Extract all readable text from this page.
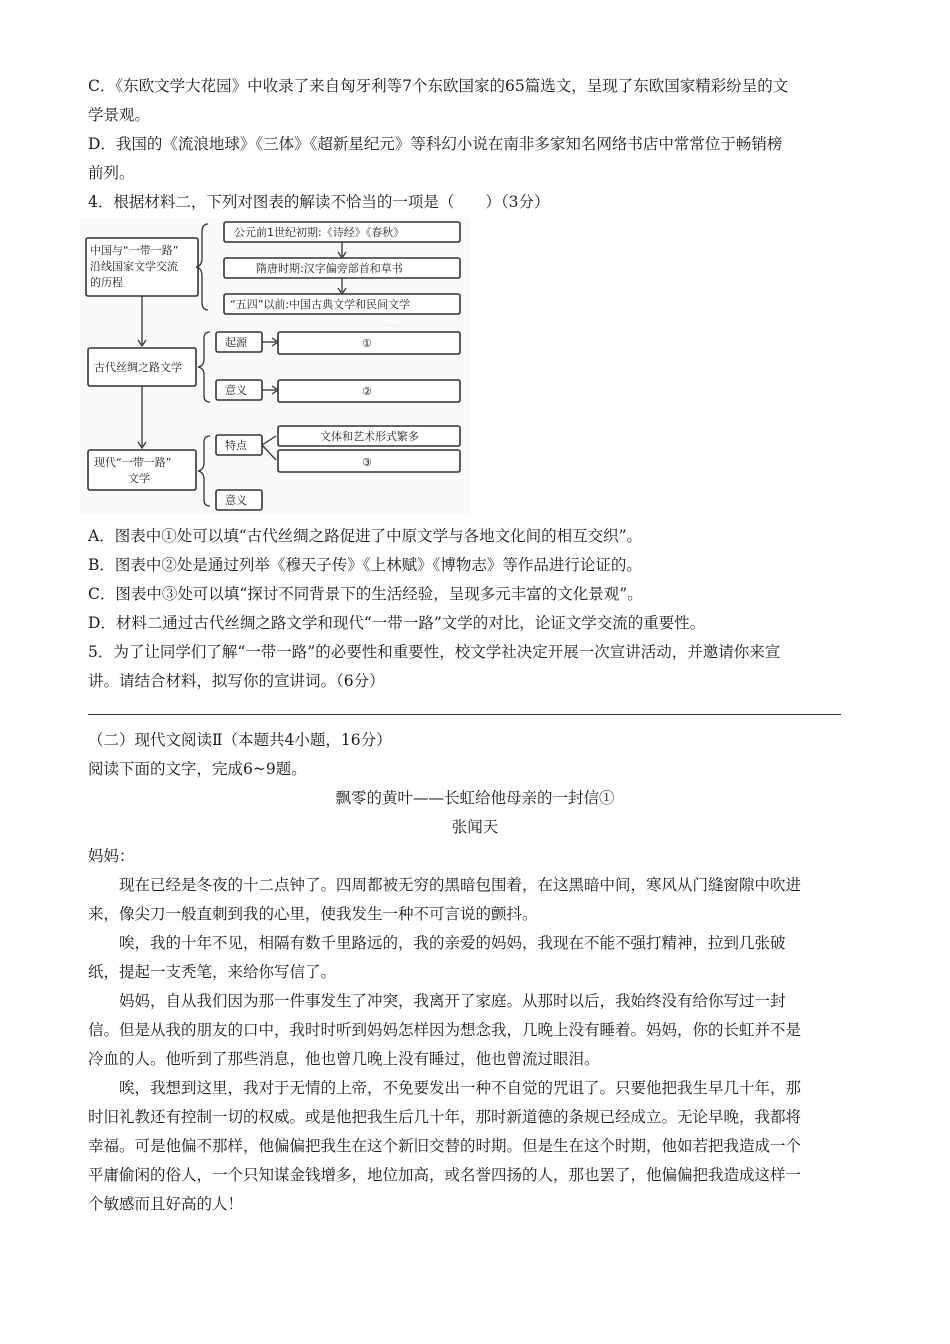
C．《东欧文学大花园》中收录了来自匈牙利等7个东欧国家的65篇选文，呈现了东欧国家精彩纷呈的文
学景观。
D．我国的《流浪地球》《三体》《超新星纪元》等科幻小说在南非多家知名网络书店中常常位于畅销榜
前列。
4．根据材料二，下列对图表的解读不恰当的一项是（　　）（3分）
……
中国与“一带一路”
沿线国家文学交流
的历程
公元前1世纪初期:《诗经》《春秋》
隋唐时期:汉字偏旁部首和草书
“五四”以前:中国古典文学和民间文学
古代丝绸之路文学
起源	①
意义	②
现代“一带一路”
文学
特点
文体和艺术形式繁多
③
意义
A．图表中①处可以填“古代丝绸之路促进了中原文学与各地文化间的相互交织”。
B．图表中②处是通过列举《穆天子传》《上林赋》《博物志》等作品进行论证的。
C．图表中③处可以填“探讨不同背景下的生活经验，呈现多元丰富的文化景观”。
D．材料二通过古代丝绸之路文学和现代“一带一路”文学的对比，论证文学交流的重要性。
5．为了让同学们了解“一带一路”的必要性和重要性，校文学社决定开展一次宣讲活动，并邀请你来宣
讲。请结合材料，拟写你的宣讲词。（6分）
（二）现代文阅读Ⅱ（本题共4小题，16分）
阅读下面的文字，完成6~9题。
飘零的黄叶——长虹给他母亲的一封信①
张闻天
妈妈：
现在已经是冬夜的十二点钟了。四周都被无穷的黑暗包围着，在这黑暗中间，寒风从门缝窗隙中吹进
来，像尖刀一般直刺到我的心里，使我发生一种不可言说的颤抖。
唉，我的十年不见，相隔有数千里路远的，我的亲爱的妈妈，我现在不能不强打精神，拉到几张破
纸，提起一支秃笔，来给你写信了。
妈妈，自从我们因为那一件事发生了冲突，我离开了家庭。从那时以后，我始终没有给你写过一封
信。但是从我的朋友的口中，我时时听到妈妈怎样因为想念我，几晚上没有睡着。妈妈，你的长虹并不是
冷血的人。他听到了那些消息，他也曾几晚上没有睡过，他也曾流过眼泪。
唉，我想到这里，我对于无情的上帝，不免要发出一种不自觉的咒诅了。只要他把我生早几十年，那
时旧礼教还有控制一切的权威。或是他把我生后几十年，那时新道德的条规已经成立。无论早晚，我都将
幸福。可是他偏不那样，他偏偏把我生在这个新旧交替的时期。但是生在这个时期，他如若把我造成一个
平庸偷闲的俗人，一个只知谋金钱增多，地位加高，或名誉四扬的人，那也罢了，他偏偏把我造成这样一
个敏感而且好高的人！
